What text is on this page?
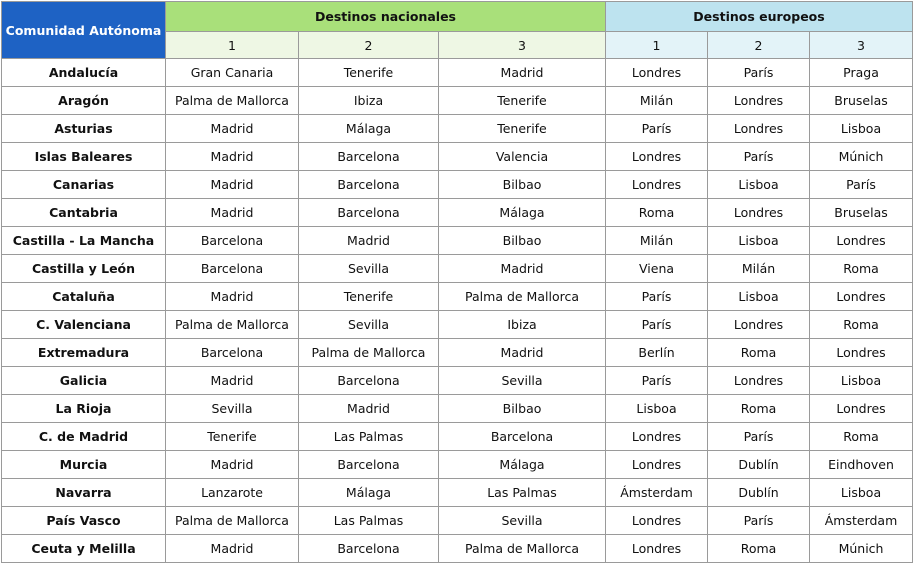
Comunidad Autónoma	Destinos nacionales			Destinos europeos		
	1	2	3	1	2	3
Andalucía	Gran Canaria	Tenerife	Madrid	Londres	París	Praga
Aragón	Palma de Mallorca	Ibiza	Tenerife	Milán	Londres	Bruselas
Asturias	Madrid	Málaga	Tenerife	París	Londres	Lisboa
Islas Baleares	Madrid	Barcelona	Valencia	Londres	París	Múnich
Canarias	Madrid	Barcelona	Bilbao	Londres	Lisboa	París
Cantabria	Madrid	Barcelona	Málaga	Roma	Londres	Bruselas
Castilla - La Mancha	Barcelona	Madrid	Bilbao	Milán	Lisboa	Londres
Castilla y León	Barcelona	Sevilla	Madrid	Viena	Milán	Roma
Cataluña	Madrid	Tenerife	Palma de Mallorca	París	Lisboa	Londres
C. Valenciana	Palma de Mallorca	Sevilla	Ibiza	París	Londres	Roma
Extremadura	Barcelona	Palma de Mallorca	Madrid	Berlín	Roma	Londres
Galicia	Madrid	Barcelona	Sevilla	París	Londres	Lisboa
La Rioja	Sevilla	Madrid	Bilbao	Lisboa	Roma	Londres
C. de Madrid	Tenerife	Las Palmas	Barcelona	Londres	París	Roma
Murcia	Madrid	Barcelona	Málaga	Londres	Dublín	Eindhoven
Navarra	Lanzarote	Málaga	Las Palmas	Ámsterdam	Dublín	Lisboa
País Vasco	Palma de Mallorca	Las Palmas	Sevilla	Londres	París	Ámsterdam
Ceuta y Melilla	Madrid	Barcelona	Palma de Mallorca	Londres	Roma	Múnich
